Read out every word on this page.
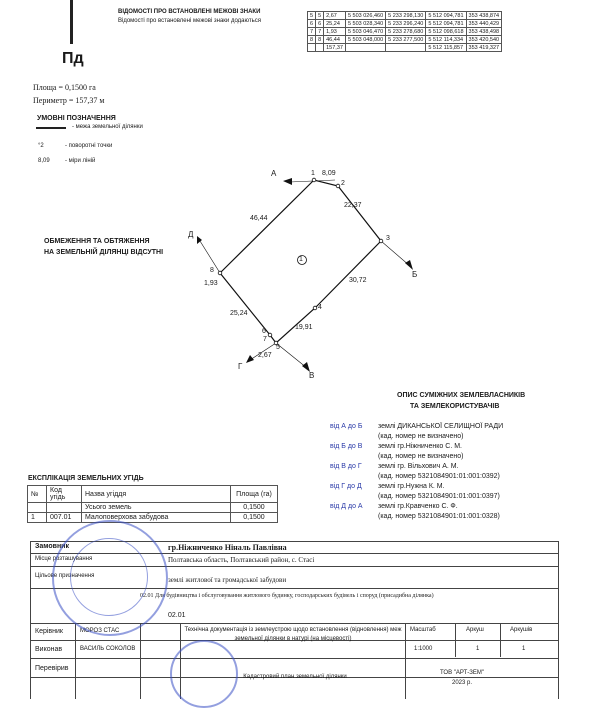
ВІДОМОСТІ ПРО ВСТАНОВЛЕНІ МЕЖОВІ ЗНАКИ
Відомості про встановлені межові знаки додаються
5	5	2,67	5 503 026,460	5 233 298,130	5 512 094,781	353 438,874
6	6	25,24	5 503 028,340	5 233 296,240	5 512 094,781	353 440,429
7	7	1,93	5 503 046,470	5 233 278,680	5 512 098,618	353 438,498
8	8	46,44	5 503 048,000	5 233 277,500	5 512 114,334	353 420,540
		157,37			5 512 115,857	353 419,327
Пд
Площа = 0,1500 га
Периметр = 157,37 м
УМОВНІ ПОЗНАЧЕННЯ
- межа земельної ділянки
°2	- поворотні точки
8,09	- міри ліній
ОБМЕЖЕННЯ ТА ОБТЯЖЕННЯ
НА ЗЕМЕЛЬНІЙ ДІЛЯНЦІ ВІДСУТНІ
1
1
2
3
4
5
6
7
8
8,09
22,37
30,72
19,91
2,67
25,24
1,93
46,44
А
Б
В
Г
Д
ОПИС СУМІЖНИХ ЗЕМЛЕВЛАСНИКІВ
ТА ЗЕМЛЕКОРИСТУВАЧІВ
від А до Б землі ДИКАНСЬКОЇ СЕЛИЩНОЇ РАДИ
(кад. номер не визначено)
від Б до В землі гр.Ніжниченко С. М.
(кад. номер не визначено)
від В до Г землі гр. Вільхович А. М.
(кад. номер 5321084901:01:001:0392)
від Г до Д землі гр.Нужна К. М.
(кад. номер 5321084901:01:001:0397)
від Д до А землі гр.Кравченко С. Ф.
(кад. номер 5321084901:01:001:0328)
ЕКСПЛІКАЦІЯ ЗЕМЕЛЬНИХ УГІДЬ
№	Код угідь	Назва угіддя	Площа (га)
		Усього земель	0,1500
1	007.01	Малоповерхова забудова	0,1500
Замовник	гр.Ніжниченко Ніналь Павлівна
Місце розташування	Полтавська область, Полтавський район, с. Стасі
Цільове призначення	землі житлової та громадської забудови
02.01 Для будівництва і обслуговування житлового будинку, господарських будівель і споруд (присадибна ділянка)
02.01
Керівник	МОРОЗ СТАС
Виконав	ВАСИЛЬ СОКОЛОВ
Перевірив
Технічна документація із землеустрою щодо встановлення (відновлення) меж земельної ділянки в натурі (на місцевості)
Кадастровий план земельної ділянки
Масштаб
1:1000
Аркуш
1
Аркушів
1
ТОВ "АРТ-ЗЕМ"
2023 р.
